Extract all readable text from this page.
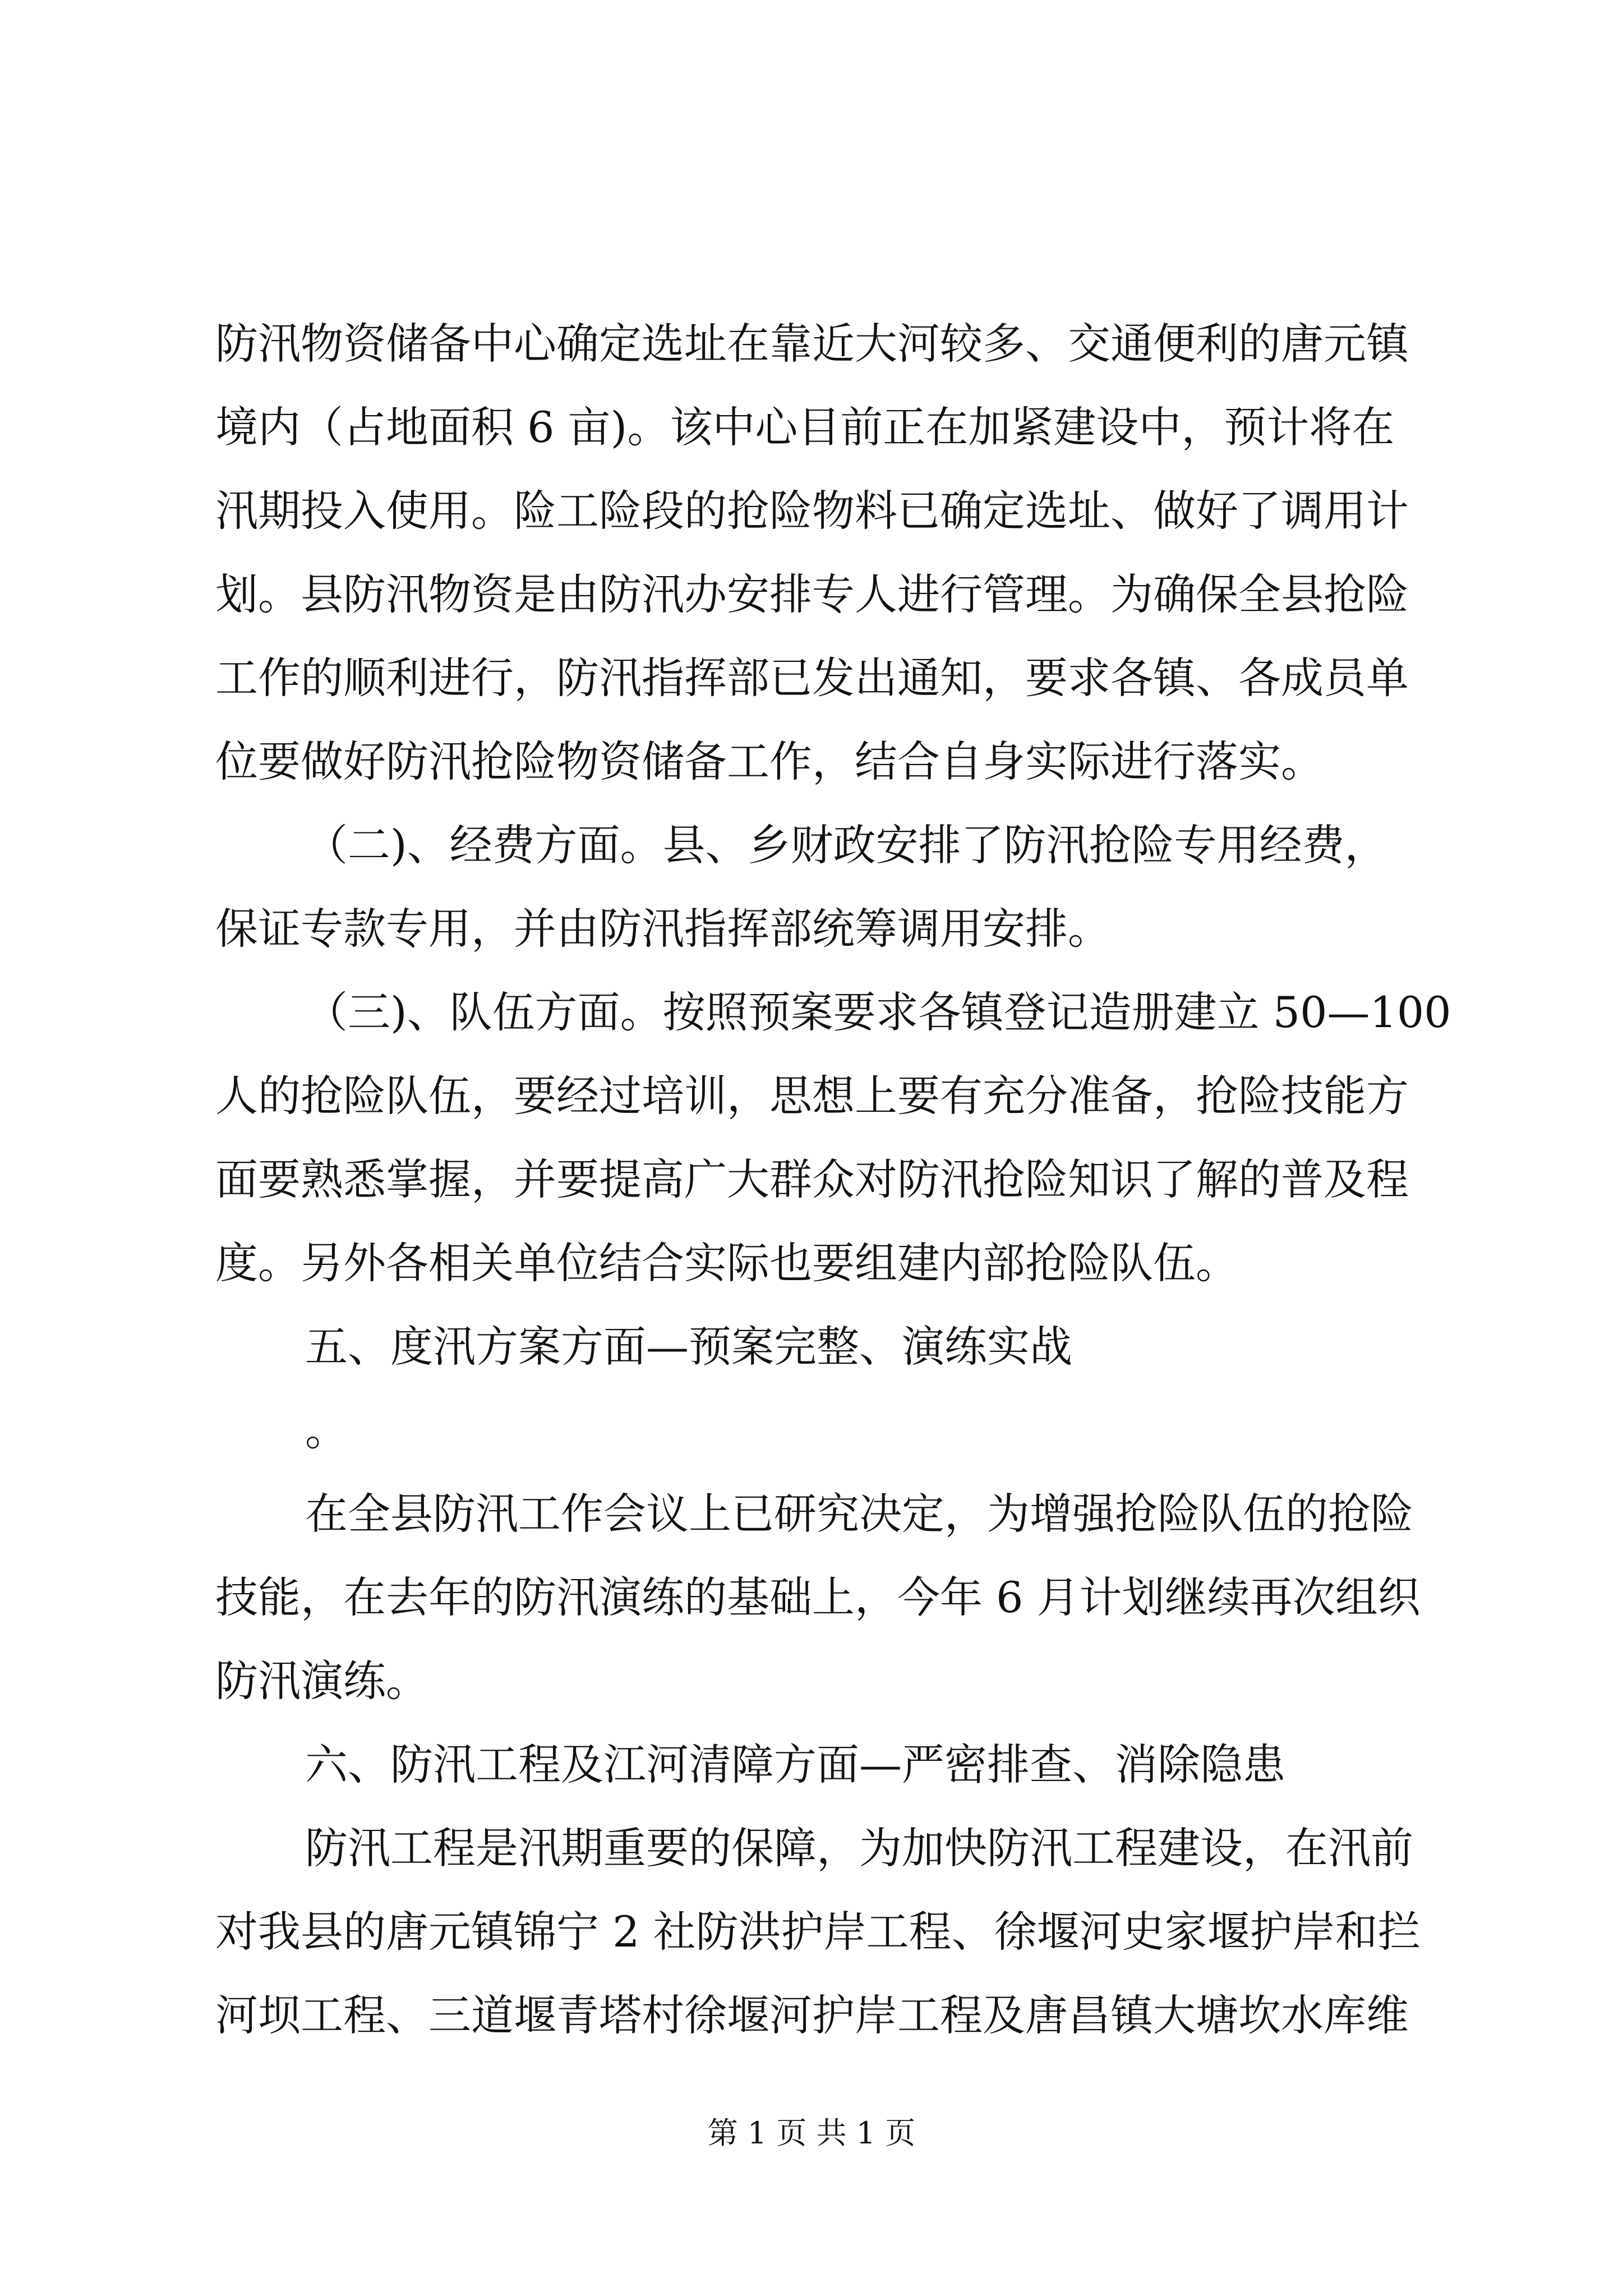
防汛物资储备中心确定选址在靠近大河较多、交通便利的唐元镇
境内（占地面积 6 亩)。该中心目前正在加紧建设中，预计将在
汛期投入使用。险工险段的抢险物料已确定选址、做好了调用计
划。县防汛物资是由防汛办安排专人进行管理。为确保全县抢险
工作的顺利进行，防汛指挥部已发出通知，要求各镇、各成员单
位要做好防汛抢险物资储备工作，结合自身实际进行落实。
（二)、经费方面。县、乡财政安排了防汛抢险专用经费，
保证专款专用，并由防汛指挥部统筹调用安排。
（三)、队伍方面。按照预案要求各镇登记造册建立 50—100
人的抢险队伍，要经过培训，思想上要有充分准备，抢险技能方
面要熟悉掌握，并要提高广大群众对防汛抢险知识了解的普及程
度。另外各相关单位结合实际也要组建内部抢险队伍。
五、度汛方案方面—预案完整、演练实战
。
在全县防汛工作会议上已研究决定，为增强抢险队伍的抢险
技能，在去年的防汛演练的基础上，今年 6 月计划继续再次组织
防汛演练。
六、防汛工程及江河清障方面—严密排查、消除隐患
防汛工程是汛期重要的保障，为加快防汛工程建设，在汛前
对我县的唐元镇锦宁 2 社防洪护岸工程、徐堰河史家堰护岸和拦
河坝工程、三道堰青塔村徐堰河护岸工程及唐昌镇大塘坎水库维
第 1 页 共 1 页
